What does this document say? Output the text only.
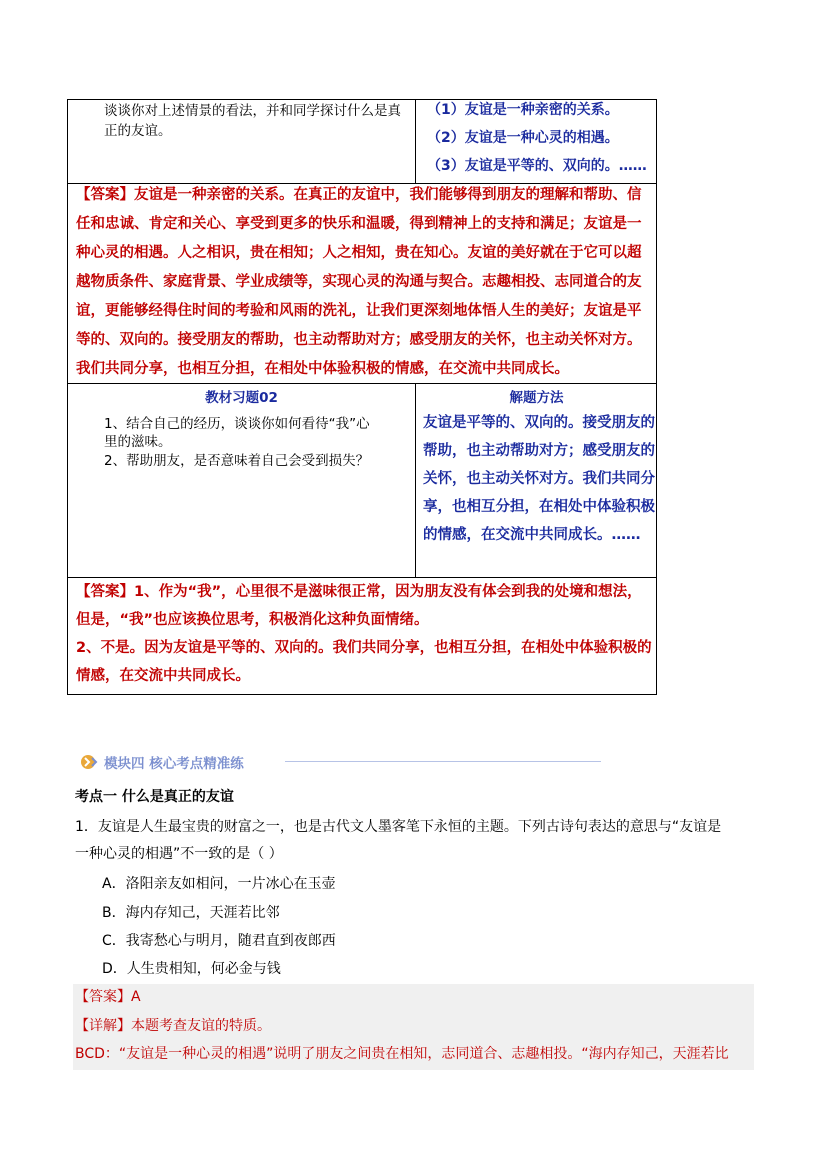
谈谈你对上述情景的看法，并和同学探讨什么是真正的友谊。
（1）友谊是一种亲密的关系。
（2）友谊是一种心灵的相遇。
（3）友谊是平等的、双向的。……
【答案】友谊是一种亲密的关系。在真正的友谊中，我们能够得到朋友的理解和帮助、信
任和忠诚、肯定和关心、享受到更多的快乐和温暖，得到精神上的支持和满足；友谊是一
种心灵的相遇。人之相识，贵在相知；人之相知，贵在知心。友谊的美好就在于它可以超
越物质条件、家庭背景、学业成绩等，实现心灵的沟通与契合。志趣相投、志同道合的友
谊，更能够经得住时间的考验和风雨的洗礼，让我们更深刻地体悟人生的美好；友谊是平
等的、双向的。接受朋友的帮助，也主动帮助对方；感受朋友的关怀，也主动关怀对方。
我们共同分享，也相互分担，在相处中体验积极的情感，在交流中共同成长。
教材习题02	解题方法
1、结合自己的经历，谈谈你如何看待“我”心
里的滋味。
2、帮助朋友，是否意味着自己会受到损失？
友谊是平等的、双向的。接受朋友的
帮助，也主动帮助对方；感受朋友的
关怀，也主动关怀对方。我们共同分
享，也相互分担，在相处中体验积极
的情感，在交流中共同成长。……
【答案】1、作为“我”，心里很不是滋味很正常，因为朋友没有体会到我的处境和想法，
但是，“我”也应该换位思考，积极消化这种负面情绪。
2、不是。因为友谊是平等的、双向的。我们共同分享，也相互分担，在相处中体验积极的
情感，在交流中共同成长。
模块四 核心考点精准练
考点一 什么是真正的友谊
1．友谊是人生最宝贵的财富之一，也是古代文人墨客笔下永恒的主题。下列古诗句表达的意思与“友谊是
一种心灵的相遇”不一致的是（ ）
A．洛阳亲友如相问，一片冰心在玉壶
B．海内存知己，天涯若比邻
C．我寄愁心与明月，随君直到夜郎西
D．人生贵相知，何必金与钱
【答案】A
【详解】本题考查友谊的特质。
BCD：“友谊是一种心灵的相遇”说明了朋友之间贵在相知，志同道合、志趣相投。“海内存知己，天涯若比
